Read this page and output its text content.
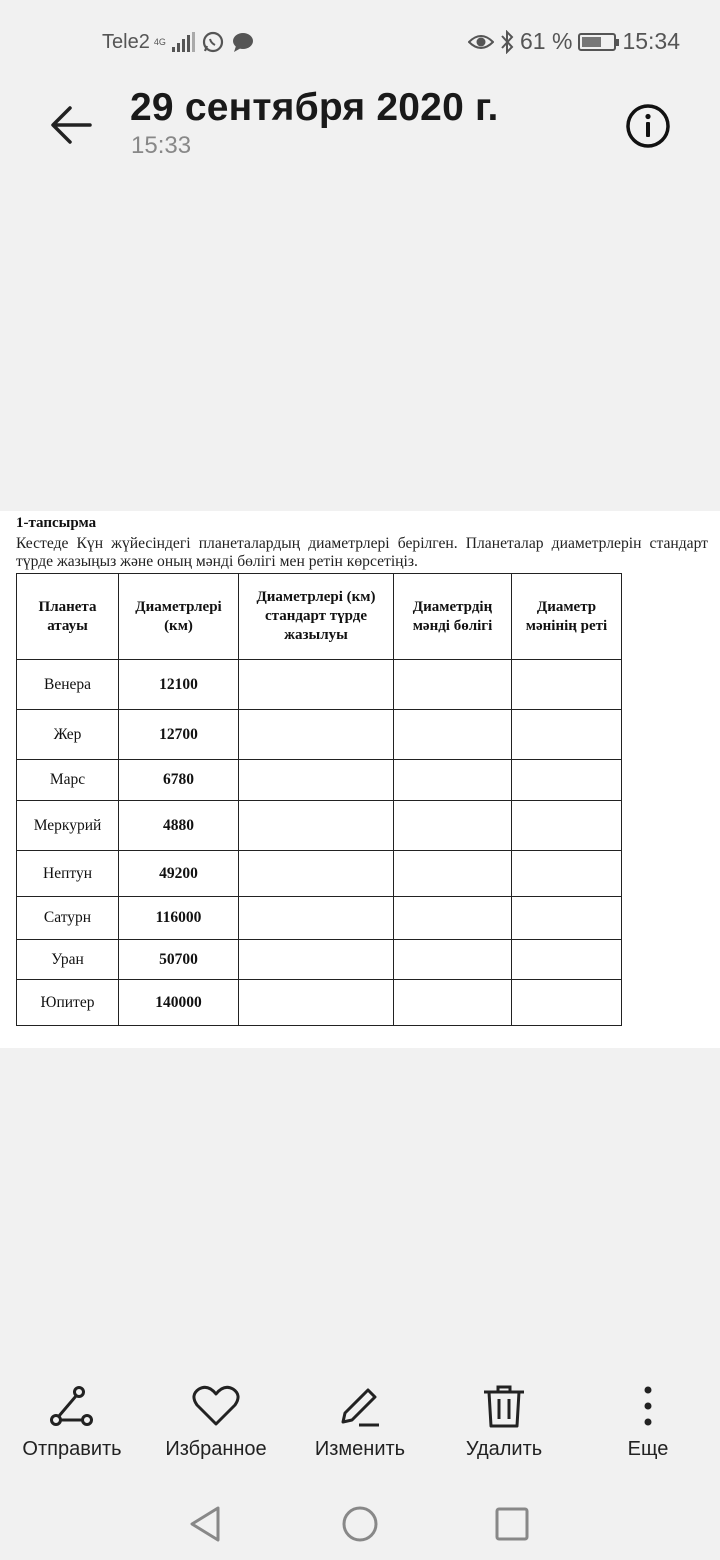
Tele2 4G	61 % 15:34
29 сентября 2020 г.
15:33
1-тапсырма
Кестеде Күн жүйесіндегі планеталардың диаметрлері берілген. Планеталар диаметрлерін стандарт түрде жазыңыз және оның мәнді бөлігі мен ретін көрсетіңіз.
Планета атауы	Диаметрлері (км)	Диаметрлері (км) стандарт түрде жазылуы	Диаметрдің мәнді бөлігі	Диаметр мәнінің реті
Венера	12100			
Жер	12700			
Марс	6780			
Меркурий	4880			
Нептун	49200			
Сатурн	116000			
Уран	50700			
Юпитер	140000			
Отправить	Избранное	Изменить	Удалить	Еще
